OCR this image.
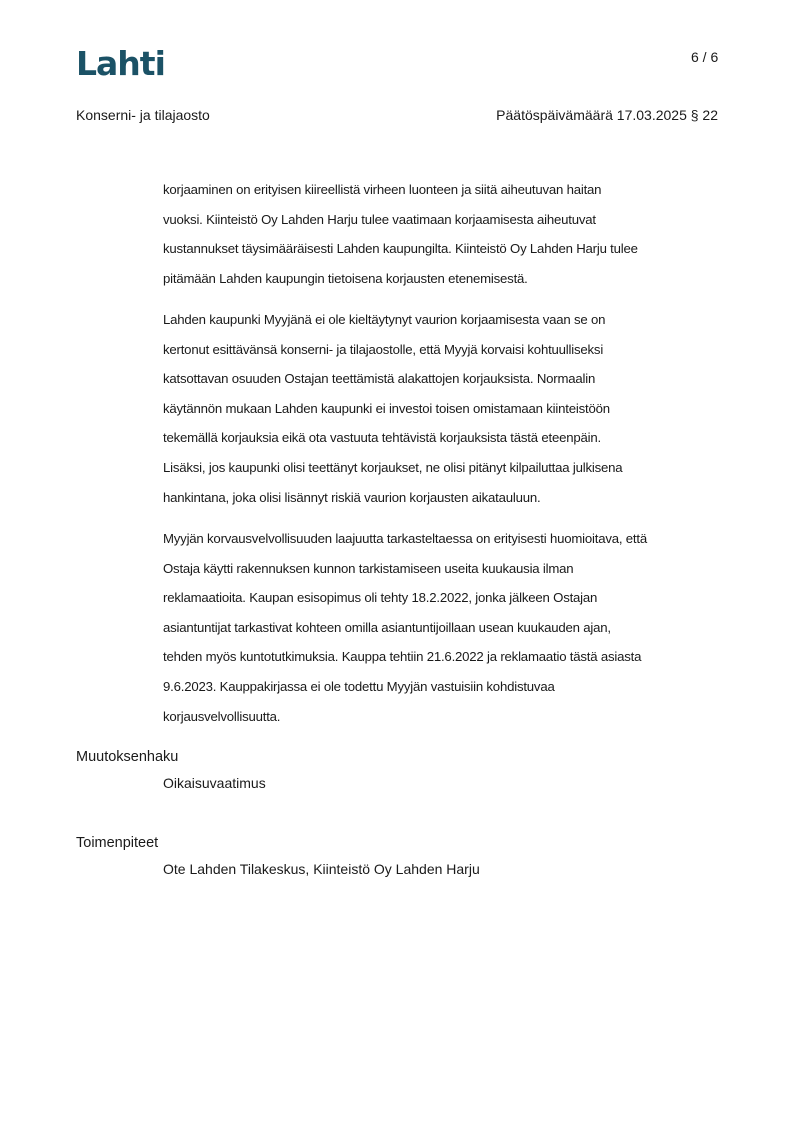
Lahti	6 / 6
Konserni- ja tilajaosto	Päätöspäivämäärä 17.03.2025 § 22
korjaaminen on erityisen kiireellistä virheen luonteen ja siitä aiheutuvan haitan
vuoksi. Kiinteistö Oy Lahden Harju tulee vaatimaan korjaamisesta aiheutuvat
kustannukset täysimääräisesti Lahden kaupungilta. Kiinteistö Oy Lahden Harju tulee
pitämään Lahden kaupungin tietoisena korjausten etenemisestä.
Lahden kaupunki Myyjänä ei ole kieltäytynyt vaurion korjaamisesta vaan se on
kertonut esittävänsä konserni- ja tilajaostolle, että Myyjä korvaisi kohtuulliseksi
katsottavan osuuden Ostajan teettämistä alakattojen korjauksista. Normaalin
käytännön mukaan Lahden kaupunki ei investoi toisen omistamaan kiinteistöön
tekemällä korjauksia eikä ota vastuuta tehtävistä korjauksista tästä eteenpäin.
Lisäksi, jos kaupunki olisi teettänyt korjaukset, ne olisi pitänyt kilpailuttaa julkisena
hankintana, joka olisi lisännyt riskiä vaurion korjausten aikatauluun.
Myyjän korvausvelvollisuuden laajuutta tarkasteltaessa on erityisesti huomioitava, että
Ostaja käytti rakennuksen kunnon tarkistamiseen useita kuukausia ilman
reklamaatioita. Kaupan esisopimus oli tehty 18.2.2022, jonka jälkeen Ostajan
asiantuntijat tarkastivat kohteen omilla asiantuntijoillaan usean kuukauden ajan,
tehden myös kuntotutkimuksia. Kauppa tehtiin 21.6.2022 ja reklamaatio tästä asiasta
9.6.2023. Kauppakirjassa ei ole todettu Myyjän vastuisiin kohdistuvaa
korjausvelvollisuutta.
Muutoksenhaku
Oikaisuvaatimus
Toimenpiteet
Ote Lahden Tilakeskus, Kiinteistö Oy Lahden Harju
